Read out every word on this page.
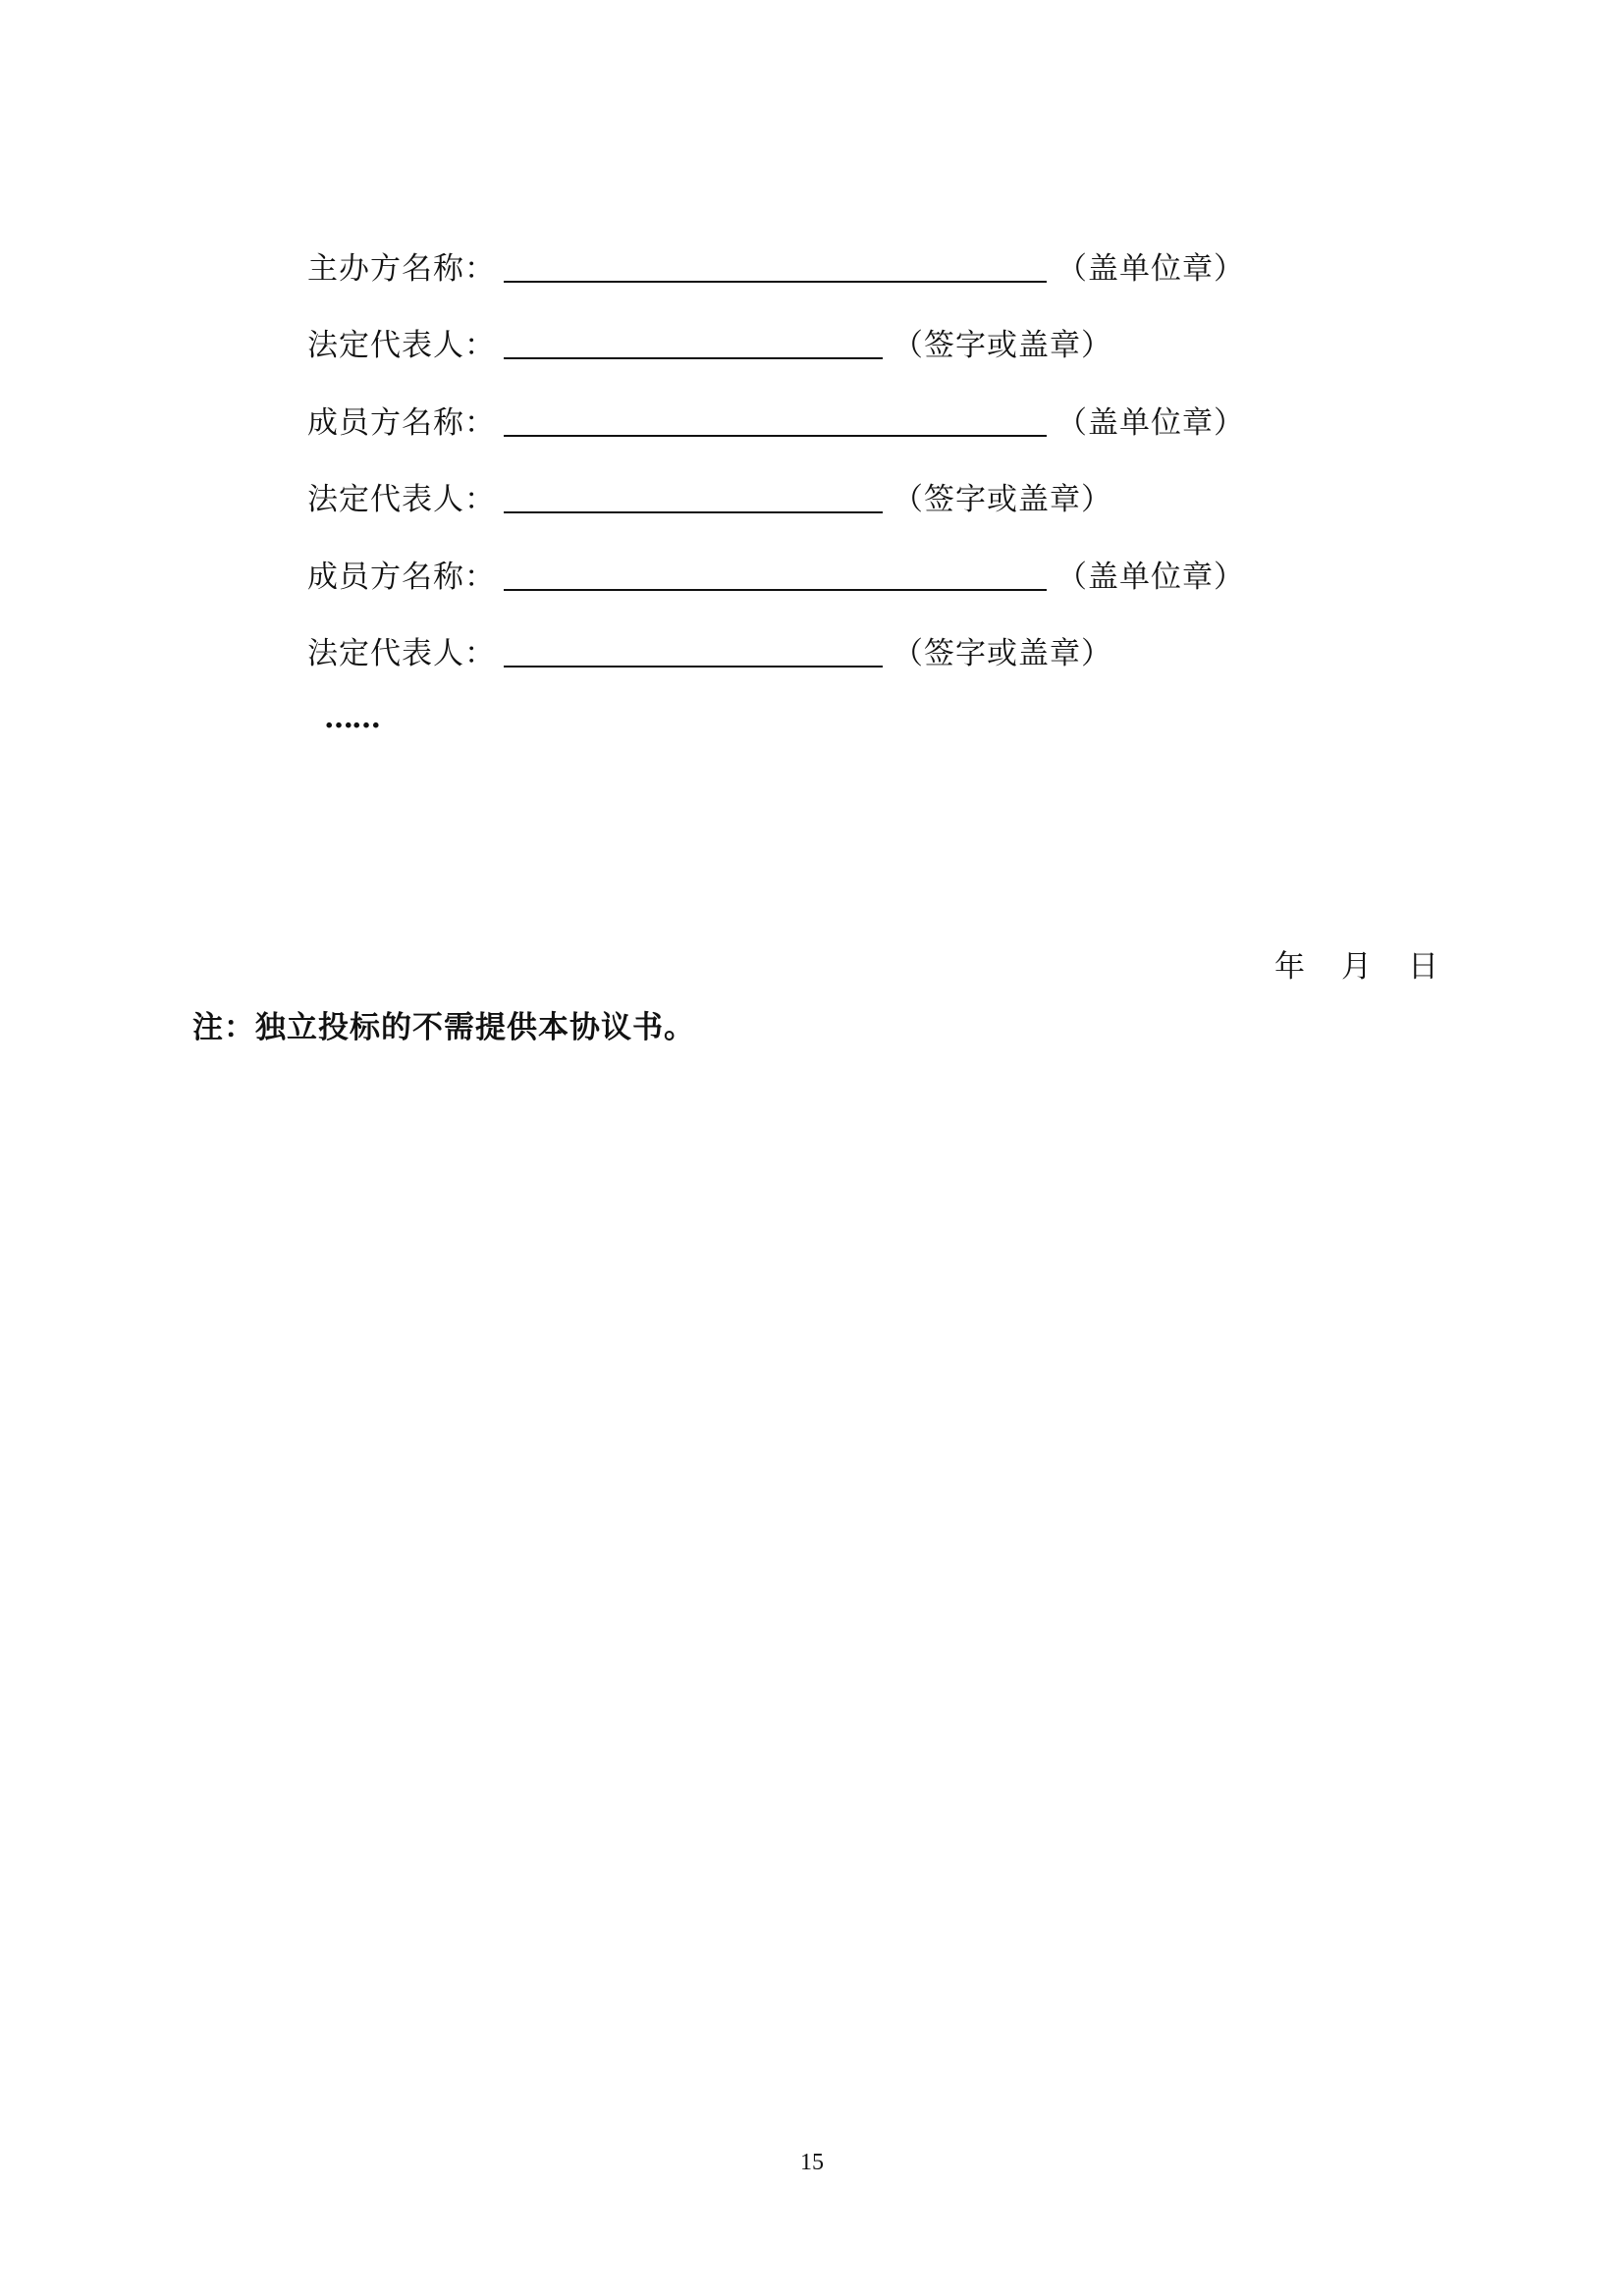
主办方名称：	（盖单位章）
法定代表人：	（签字或盖章）
成员方名称：	（盖单位章）
法定代表人：	（签字或盖章）
成员方名称：	（盖单位章）
法定代表人：	（签字或盖章）
……
年	月	日
注：独立投标的不需提供本协议书。
15
